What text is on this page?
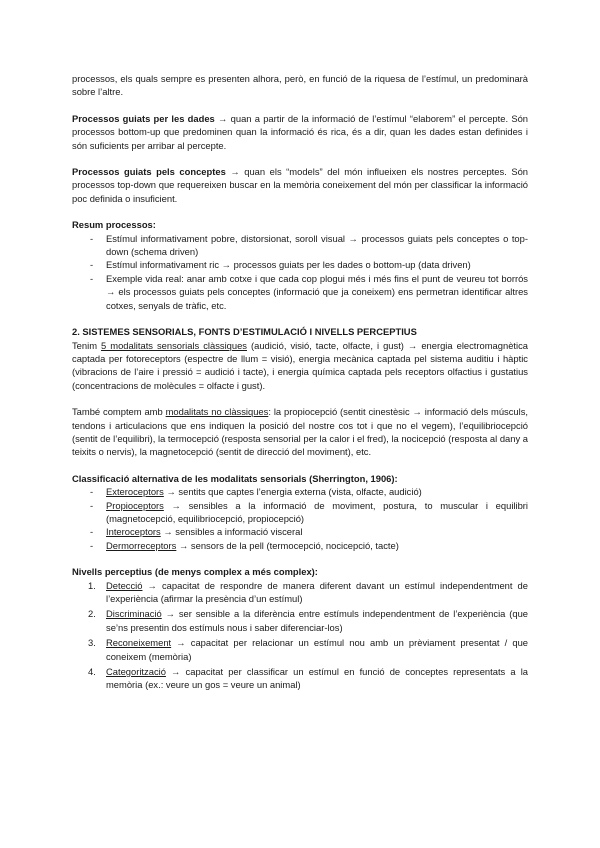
processos, els quals sempre es presenten alhora, però, en funció de la riquesa de l’estímul, un predominarà sobre l’altre.

Processos guiats per les dades → quan a partir de la informació de l’estímul “elaborem” el percepte. Són processos bottom-up que predominen quan la informació és rica, és a dir, quan les dades estan definides i són suficients per arribar al percepte.

Processos guiats pels conceptes → quan els “models” del món influeixen els nostres perceptes. Són processos top-down que requereixen buscar en la memòria coneixement del món per classificar la informació poc definida o insuficient.

Resum processos:

- Estímul informativament pobre, distorsionat, soroll visual → processos guiats pels conceptes o top-down (schema driven)
- Estímul informativament ric → processos guiats per les dades o bottom-up (data driven)
- Exemple vida real: anar amb cotxe i que cada cop plogui més i més fins el punt de veureu tot borrós → els processos guiats pels conceptes (informació que ja coneixem) ens permetran identificar altres cotxes, senyals de tràfic, etc.

2. SISTEMES SENSORIALS, FONTS D’ESTIMULACIÓ I NIVELLS PERCEPTIUS

Tenim 5 modalitats sensorials clàssiques (audició, visió, tacte, olfacte, i gust) → energia electromagnètica captada per fotoreceptors (espectre de llum = visió), energia mecànica captada pel sistema auditiu i hàptic (vibracions de l’aire i pressió = audició i tacte), i energia química captada pels receptors olfactius i gustatius (concentracions de molècules = olfacte i gust).

També comptem amb modalitats no clàssiques: la propiocepció (sentit cinestèsic → informació dels músculs, tendons i articulacions que ens indiquen la posició del nostre cos tot i que no el vegem), l’equilibriocepció (sentit de l’equilibri), la termocepció (resposta sensorial per la calor i el fred), la nocicepció (resposta al dany a teixits o nervis), la magnetocepció (sentit de direcció del moviment), etc.

Classificació alternativa de les modalitats sensorials (Sherrington, 1906):

- Exteroceptors → sentits que captes l’energia externa (vista, olfacte, audició)
- Propioceptors → sensibles a la informació de moviment, postura, to muscular i equilibri (magnetocepció, equilibriocepció, propiocepció)
- Interoceptors → sensibles a informació visceral
- Dermorreceptors → sensors de la pell (termocepció, nocicepció, tacte)

Nivells perceptius (de menys complex a més complex):

1. Detecció → capacitat de respondre de manera diferent davant un estímul independentment de l’experiència (afirmar la presència d’un estímul)
2. Discriminació → ser sensible a la diferència entre estímuls independentment de l’experiència (que se’ns presentin dos estímuls nous i saber diferenciar-los)
3. Reconeixement → capacitat per relacionar un estímul nou amb un prèviament presentat / que coneixem (memòria)
4. Categorització → capacitat per classificar un estímul en funció de conceptes representats a la memòria (ex.: veure un gos = veure un animal)
